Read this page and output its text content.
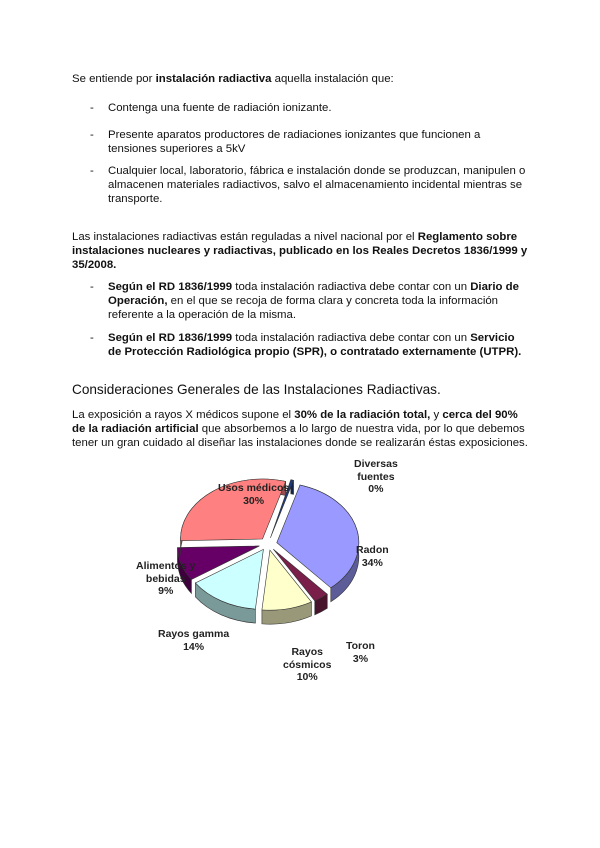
Se entiende por instalación radiactiva aquella instalación que:
- Contenga una fuente de radiación ionizante.
- Presente aparatos productores de radiaciones ionizantes que funcionen a tensiones superiores a 5kV
- Cualquier local, laboratorio, fábrica e instalación donde se produzcan, manipulen o almacenen materiales radiactivos, salvo el almacenamiento incidental mientras se transporte.
Las instalaciones radiactivas están reguladas a nivel nacional por el Reglamento sobre instalaciones nucleares y radiactivas, publicado en los Reales Decretos 1836/1999 y 35/2008.
- Según el RD 1836/1999 toda instalación radiactiva debe contar con un Diario de Operación, en el que se recoja de forma clara y concreta toda la información referente a la operación de la misma.
- Según el RD 1836/1999 toda instalación radiactiva debe contar con un Servicio de Protección Radiológica propio (SPR), o contratado externamente (UTPR).
Consideraciones Generales de las Instalaciones Radiactivas.
La exposición a rayos X médicos supone el 30% de la radiación total, y cerca del 90% de la radiación artificial que absorbemos a lo largo de nuestra vida, por lo que debemos tener un gran cuidado al diseñar las instalaciones donde se realizarán éstas exposiciones.
Diversas
fuentes
0%
Radon
34%
Toron
3%
Rayos
cósmicos
10%
Rayos gamma
14%
Alimentos y
bebidas
9%
Usos médicos
30%
